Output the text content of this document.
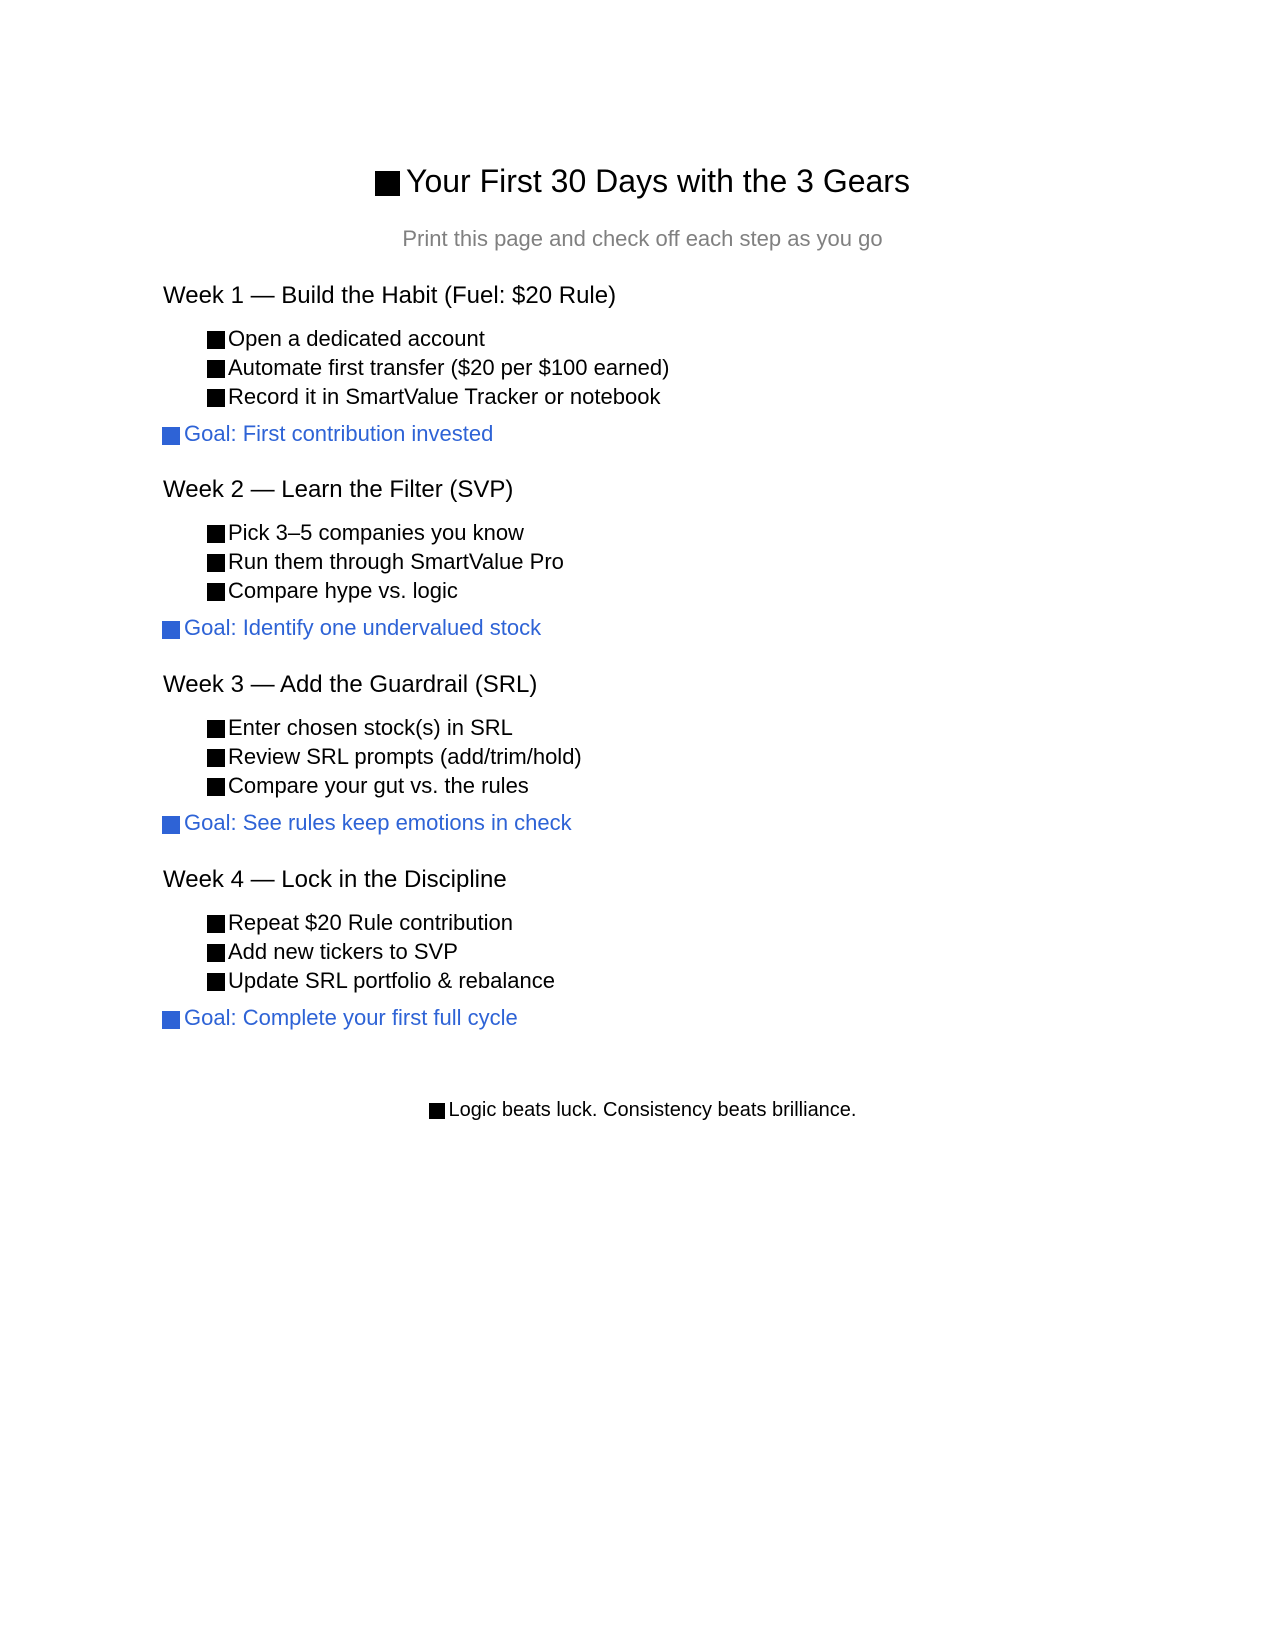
Your First 30 Days with the 3 Gears
Print this page and check off each step as you go
Week 1 — Build the Habit (Fuel: $20 Rule)
Open a dedicated account
Automate first transfer ($20 per $100 earned)
Record it in SmartValue Tracker or notebook
Goal: First contribution invested
Week 2 — Learn the Filter (SVP)
Pick 3–5 companies you know
Run them through SmartValue Pro
Compare hype vs. logic
Goal: Identify one undervalued stock
Week 3 — Add the Guardrail (SRL)
Enter chosen stock(s) in SRL
Review SRL prompts (add/trim/hold)
Compare your gut vs. the rules
Goal: See rules keep emotions in check
Week 4 — Lock in the Discipline
Repeat $20 Rule contribution
Add new tickers to SVP
Update SRL portfolio & rebalance
Goal: Complete your first full cycle
Logic beats luck. Consistency beats brilliance.
